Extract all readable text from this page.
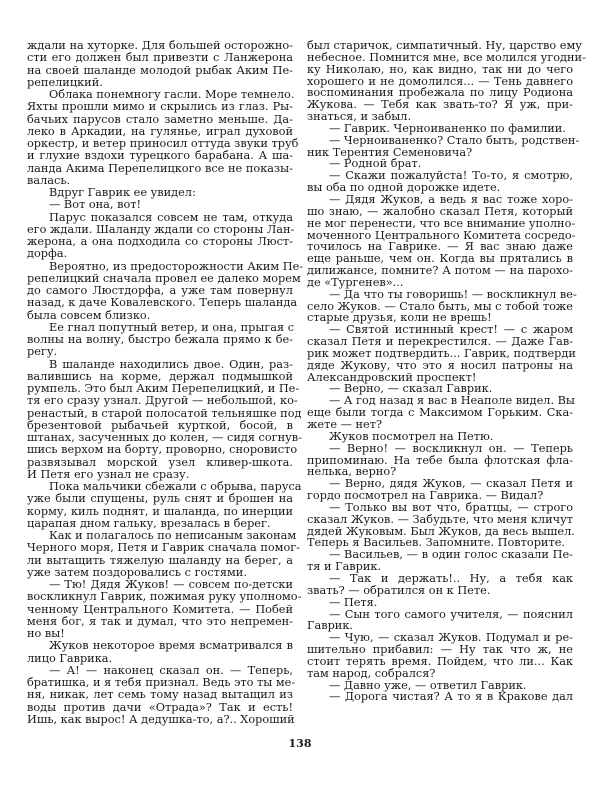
ждали на хуторке. Для большей осторожно-
сти его должен был привезти с Ланжерона
на своей шаланде молодой рыбак Аким Пе-
репелицкий.
Облака понемногу гасли. Море темнело.
Яхты прошли мимо и скрылись из глаз. Ры-
бачьих парусов стало заметно меньше. Да-
леко в Аркадии, на гулянье, играл духовой
оркестр, и ветер приносил оттуда звуки труб
и глухие вздохи турецкого барабана. А ша-
ланда Акима Перепелицкого все не показы-
валась.
Вдруг Гаврик ее увидел:
— Вот она, вот!
Парус показался совсем не там, откуда
его ждали. Шаланду ждали со стороны Лан-
жерона, а она подходила со стороны Люст-
дорфа.
Вероятно, из предосторожности Аким Пе-
репелицкий сначала провел ее далеко морем
до самого Люстдорфа, а уже там повернул
назад, к даче Ковалевского. Теперь шаланда
была совсем близко.
Ее гнал попутный ветер, и она, прыгая с
волны на волну, быстро бежала прямо к бе-
регу.
В шаланде находились двое. Один, раз-
валившись на корме, держал подмышкой
румпель. Это был Аким Перепелицкий, и Пе-
тя его сразу узнал. Другой — небольшой, ко-
ренастый, в старой полосатой тельняшке под
брезентовой рыбачьей курткой, босой, в
штанах, засученных до колен, — сидя согнув-
шись верхом на борту, проворно, сноровисто
развязывал морской узел кливер-шкота.
И Петя его узнал не сразу.
Пока мальчики сбежали с обрыва, паруса
уже были спущены, руль снят и брошен на
корму, киль поднят, и шаланда, по инерции
царапая дном гальку, врезалась в берег.
Как и полагалось по неписаным законам
Черного моря, Петя и Гаврик сначала помог-
ли вытащить тяжелую шаланду на берег, а
уже затем поздоровались с гостями.
— Тю! Дядя Жуков! — совсем по-детски
воскликнул Гаврик, пожимая руку уполномо-
ченному Центрального Комитета. — Побей
меня бог, я так и думал, что это непремен-
но вы!
Жуков некоторое время всматривался в
лицо Гаврика.
— А! — наконец сказал он. — Теперь,
братишка, и я тебя признал. Ведь это ты ме-
ня, никак, лет семь тому назад вытащил из
воды против дачи «Отрада»? Так и есть!
Ишь, как вырос! А дедушка-то, а?.. Хороший
был старичок, симпатичный. Ну, царство ему
небесное. Помнится мне, все молился угодни-
ку Николаю, но, как видно, так ни до чего
хорошего и не домолился... — Тень давнего
воспоминания пробежала по лицу Родиона
Жукова. — Тебя как звать-то? Я уж, при-
знаться, и забыл.
— Гаврик. Черноиваненко по фамилии.
— Черноиваненко? Стало быть, родствен-
ник Терентия Семеновича?
— Родной брат.
— Скажи пожалуйста! То-то, я смотрю,
вы оба по одной дорожке идете.
— Дядя Жуков, а ведь я вас тоже хоро-
шо знаю, — жалобно сказал Петя, который
не мог перенести, что все внимание уполно-
моченного Центрального Комитета сосредо-
точилось на Гаврике. — Я вас знаю даже
еще раньше, чем он. Когда вы прятались в
дилижансе, помните? А потом — на парохо-
де «Тургенев»...
— Да что ты говоришь! — воскликнул ве-
село Жуков. — Стало быть, мы с тобой тоже
старые друзья, коли не врешь!
— Святой истинный крест! — с жаром
сказал Петя и перекрестился. — Даже Гав-
рик может подтвердить... Гаврик, подтверди
дяде Жукову, что это я носил патроны на
Александровский проспект!
— Верно, — сказал Гаврик.
— А год назад я вас в Неаполе видел. Вы
еще были тогда с Максимом Горьким. Ска-
жете — нет?
Жуков посмотрел на Петю.
— Верно! — воскликнул он. — Теперь
припоминаю. На тебе была флотская фла-
нелька, верно?
— Верно, дядя Жуков, — сказал Петя и
гордо посмотрел на Гаврика. — Видал?
— Только вы вот что, братцы, — строго
сказал Жуков. — Забудьте, что меня кличут
дядей Жуковым. Был Жуков, да весь вышел.
Теперь я Васильев. Запомните. Повторите.
— Васильев, — в один голос сказали Пе-
тя и Гаврик.
— Так и держать!.. Ну, а тебя как
звать? — обратился он к Пете.
— Петя.
— Сын того самого учителя, — пояснил
Гаврик.
— Чую, — сказал Жуков. Подумал и ре-
шительно прибавил: — Ну так что ж, не
стоит терять время. Пойдем, что ли... Как
там народ, собрался?
— Давно уже, — ответил Гаврик.
— Дорога чистая? А то я в Кракове дал
138
